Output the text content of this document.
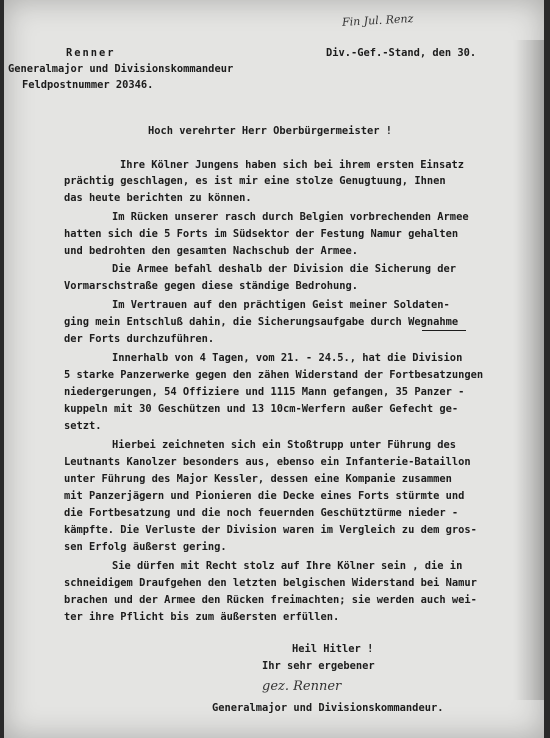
Fin Jul. Renz
Renner	Div.-Gef.-Stand, den 30.
Generalmajor und Divisionskommandeur
Feldpostnummer 20346.
Hoch verehrter Herr Oberbürgermeister !
Ihre Kölner Jungens haben sich bei ihrem ersten Einsatz
prächtig geschlagen, es ist mir eine stolze Genugtuung, Ihnen
das heute berichten zu können.
Im Rücken unserer rasch durch Belgien vorbrechenden Armee
hatten sich die 5 Forts im Südsektor der Festung Namur gehalten
und bedrohten den gesamten Nachschub der Armee.
Die Armee befahl deshalb der Division die Sicherung der
Vormarschstraße gegen diese ständige Bedrohung.
Im Vertrauen auf den prächtigen Geist meiner Soldaten-
ging mein Entschluß dahin, die Sicherungsaufgabe durch Wegnahme
der Forts durchzuführen.
Innerhalb von 4 Tagen, vom 21. - 24.5., hat die Division
5 starke Panzerwerke gegen den zähen Widerstand der Fortbesatzungen
niedergerungen, 54 Offiziere und 1115 Mann gefangen, 35 Panzer -
kuppeln mit 30 Geschützen und 13 10cm-Werfern außer Gefecht ge-
setzt.
Hierbei zeichneten sich ein Stoßtrupp unter Führung des
Leutnants Kanolzer besonders aus, ebenso ein Infanterie-Bataillon
unter Führung des Major Kessler, dessen eine Kompanie zusammen
mit Panzerjägern und Pionieren die Decke eines Forts stürmte und
die Fortbesatzung und die noch feuernden Geschütztürme nieder -
kämpfte. Die Verluste der Division waren im Vergleich zu dem gros-
sen Erfolg äußerst gering.
Sie dürfen mit Recht stolz auf Ihre Kölner sein , die in
schneidigem Draufgehen den letzten belgischen Widerstand bei Namur
brachen und der Armee den Rücken freimachten; sie werden auch wei-
ter ihre Pflicht bis zum äußersten erfüllen.
Heil Hitler !
Ihr sehr ergebener
gez. Renner
Generalmajor und Divisionskommandeur.
